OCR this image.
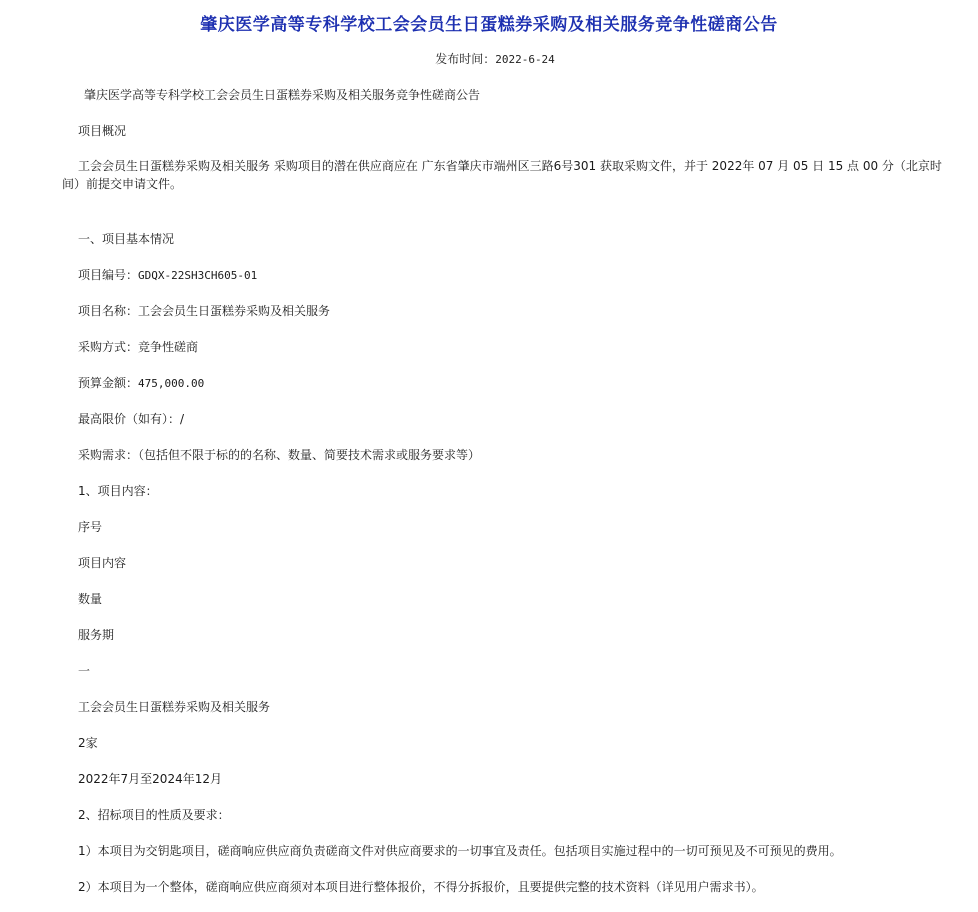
肇庆医学高等专科学校工会会员生日蛋糕券采购及相关服务竞争性磋商公告
发布时间：2022-6-24
肇庆医学高等专科学校工会会员生日蛋糕券采购及相关服务竞争性磋商公告
项目概况
工会会员生日蛋糕券采购及相关服务 采购项目的潜在供应商应在 广东省肇庆市端州区三路6号301 获取采购文件，并于 2022年 07 月 05 日 15 点 00 分（北京时
间）前提交申请文件。
一、项目基本情况
项目编号：GDQX-22SH3CH605-01
项目名称：工会会员生日蛋糕券采购及相关服务
采购方式：竞争性磋商
预算金额：475,000.00
最高限价（如有）：/
采购需求：（包括但不限于标的的名称、数量、简要技术需求或服务要求等）
1、项目内容：
序号
项目内容
数量
服务期
一
工会会员生日蛋糕券采购及相关服务
2家
2022年7月至2024年12月
2、招标项目的性质及要求：
1）本项目为交钥匙项目，磋商响应供应商负责磋商文件对供应商要求的一切事宜及责任。包括项目实施过程中的一切可预见及不可预见的费用。
2）本项目为一个整体，磋商响应供应商须对本项目进行整体报价，不得分拆报价，且要提供完整的技术资料（详见用户需求书）。
